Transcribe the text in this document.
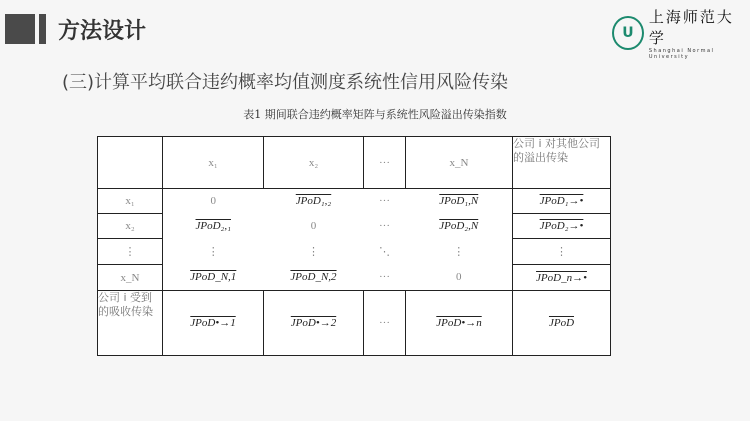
方法设计	U
上海师范大学
Shanghai Normal University
(三)计算平均联合违约概率均值测度系统性信用风险传染
表1 期间联合违约概率矩阵与系统性风险溢出传染指数
	x₁	x₂	···	x_N	公司 i 对其他公司的溢出传染
x₁	0	JPoD₁,₂	···	JPoD₁,N	JPoD₁→•
x₂	JPoD₂,₁	0	···	JPoD₂,N	JPoD₂→•
⋮	⋮	⋮	⋱	⋮	⋮
x_N	JPoD_N,1	JPoD_N,2	···	0	JPoD_n→•
公司 i 受到的吸收传染	JPoD•→1	JPoD•→2	···	JPoD•→n	JPoD
